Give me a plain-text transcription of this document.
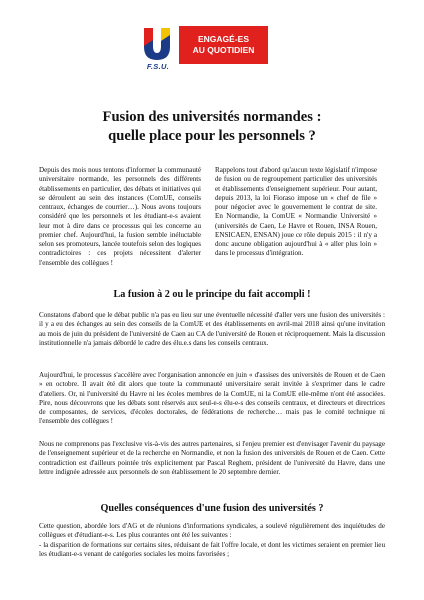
F.S.U.
ENGAGÉ-ES
AU QUOTIDIEN
Fusion des universités normandes :
quelle place pour les personnels ?
Depuis des mois nous tentons d'informer la communauté universitaire normande, les personnels des différents établissements en particulier, des débats et initiatives qui se déroulent au sein des instances (ComUE, conseils centraux, échanges de courrier…). Nous avons toujours considéré que les personnels et les étudiant-e-s avaient leur mot à dire dans ce processus qui les concerne au premier chef. Aujourd'hui, la fusion semble inéluctable selon ses promoteurs, lancée toutefois selon des logiques contradictoires : ces projets nécessitent d'alerter l'ensemble des collègues !
Rappelons tout d'abord qu'aucun texte législatif n'impose de fusion ou de regroupement particulier des universités et établissements d'enseignement supérieur. Pour autant, depuis 2013, la loi Fioraso impose un « chef de file » pour négocier avec le gouvernement le contrat de site. En Normandie, la ComUE « Normandie Université » (universités de Caen, Le Havre et Rouen, INSA Rouen, ENSICAEN, ENSAN) joue ce rôle depuis 2015 : il n'y a donc aucune obligation aujourd'hui à « aller plus loin » dans le processus d'intégration.
La fusion à 2 ou le principe du fait accompli !

Constatons d'abord que le débat public n'a pas eu lieu sur une éventuelle nécessité d'aller vers une fusion des universités : il y a eu des échanges au sein des conseils de la ComUE et des établissements en avril-mai 2018 ainsi qu'une invitation au mois de juin du président de l'université de Caen au CA de l'université de Rouen et réciproquement. Mais la discussion institutionnelle n'a jamais débordé le cadre des élu.e.s dans les conseils centraux.

Aujourd'hui, le processus s'accélère avec l'organisation annoncée en juin « d'assises des universités de Rouen et de Caen » en octobre. Il avait été dit alors que toute la communauté universitaire serait invitée à s'exprimer dans le cadre d'ateliers. Or, ni l'université du Havre ni les écoles membres de la ComUE, ni la ComUE elle-même n'ont été associées. Pire, nous découvrons que les débats sont réservés aux seul-e-s élu-e-s des conseils centraux, et directeurs et directrices de composantes, de services, d'écoles doctorales, de fédérations de recherche… mais pas le comité technique ni l'ensemble des collègues !

Nous ne comprenons pas l'exclusive vis-à-vis des autres partenaires, si l'enjeu premier est d'envisager l'avenir du paysage de l'enseignement supérieur et de la recherche en Normandie, et non la fusion des universités de Rouen et de Caen. Cette contradiction est d'ailleurs pointée très explicitement par Pascal Reghem, président de l'université du Havre, dans une lettre indignée adressée aux personnels de son établissement le 20 septembre dernier.

Quelles conséquences d'une fusion des universités ?

Cette question, abordée lors d'AG et de réunions d'informations syndicales, a soulevé régulièrement des inquiétudes de collègues et d'étudiant-e-s. Les plus courantes ont été les suivantes :

- la disparition de formations sur certains sites, réduisant de fait l'offre locale, et dont les victimes seraient en premier lieu les étudiant-e-s venant de catégories sociales les moins favorisées ;
